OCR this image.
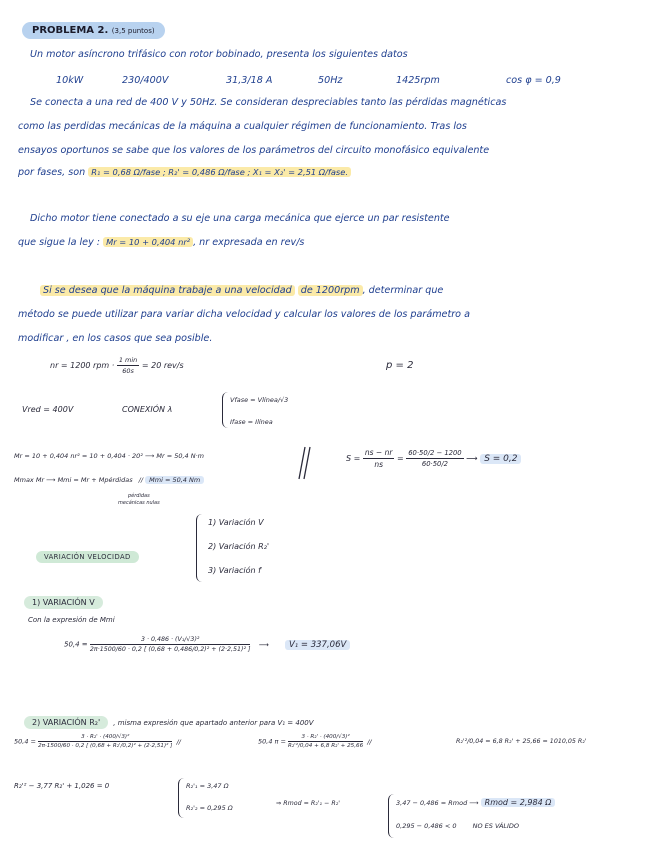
PROBLEMA 2. (3,5 puntos)
Un motor asíncrono trifásico con rotor bobinado, presenta los siguientes datos
10kW	230/400V	31,3/18 A	50Hz	1425rpm	cos φ = 0,9
Se conecta a una red de 400 V y 50Hz. Se consideran despreciables tanto las pérdidas magnéticas
como las perdidas mecánicas de la máquina a cualquier régimen de funcionamiento. Tras los
ensayos oportunos se sabe que los valores de los parámetros del circuito monofásico equivalente
por fases, son R₁ = 0,68 Ω/fase ; R₂' = 0,486 Ω/fase ; X₁ = X₂' = 2,51 Ω/fase.
Dicho motor tiene conectado a su eje una carga mecánica que ejerce un par resistente
que sigue la ley : Mr = 10 + 0,404 nr² , nr expresada en rev/s
Si se desea que la máquina trabaje a una velocidad de 1200rpm , determinar que
método se puede utilizar para variar dicha velocidad y calcular los valores de los parámetro a
modificar , en los casos que sea posible.
nr = 1200 rpm · $\frac{1 \min}{60s} = 20$ rev/s	p = 2
Vred = 400V	CONEXIÓN λ
Vfase = Vlínea/√3
Ifase = Ilínea
Mr = 10 + 0,404 nr² = 10 + 0,404 · 20² ⟶ Mr = 50,4 N·m
Mmax Mr ⟶ Mmi = Mr + Mpérdidas // Mmi = 50,4 Nm
pérdidas
mecánicas nulas
$S = \frac{ns - nr}{ns} = \frac{60\cdot 50/2 - 1200}{60\cdot 50/2}$ ⟶ S = 0,2
VARIACIÓN VELOCIDAD
1) Variación V
2) Variación R₂'
3) Variación f
1) VARIACIÓN V
Con la expresión de Mmi
$50,4 = \frac{\text{3 · 0,486 · (V₁/√3)²}}{\text{2π·1500/60 · 0,2 [ (0,68 + 0,486/0,2)² + (2·2,51)² ]}}$ ⟶ V₁ = 337,06V
2) VARIACIÓN R₂' , misma expresión que apartado anterior para V₁ = 400V
$50,4 = \frac{\text{3 · R₂' · (400/√3)²}}{\text{2π·1500/60 · 0,2 [ (0,68 + R₂'/0,2)² + (2·2,51)² ]}}$ //	50,4 $\pi = \frac{\text{3 · R₂' · (400/√3)²}}{\text{R₂'²/0,04 + 6,8 R₂' + 25,66}}$ //	R₂'²/0,04 = 6,8 R₂' + 25,66 = 1010,05 R₂'
R₂'² − 3,77 R₂' + 1,026 = 0	R₂'₁ = 3,47 Ω
R₂'₂ = 0,295 Ω
⇒ Rmod = R₂'₁ − R₂'	3,47 − 0,486 = Rmod ⟶ Rmod = 2,984 Ω
0,295 − 0,486 < 0 NO ES VÁLIDO
